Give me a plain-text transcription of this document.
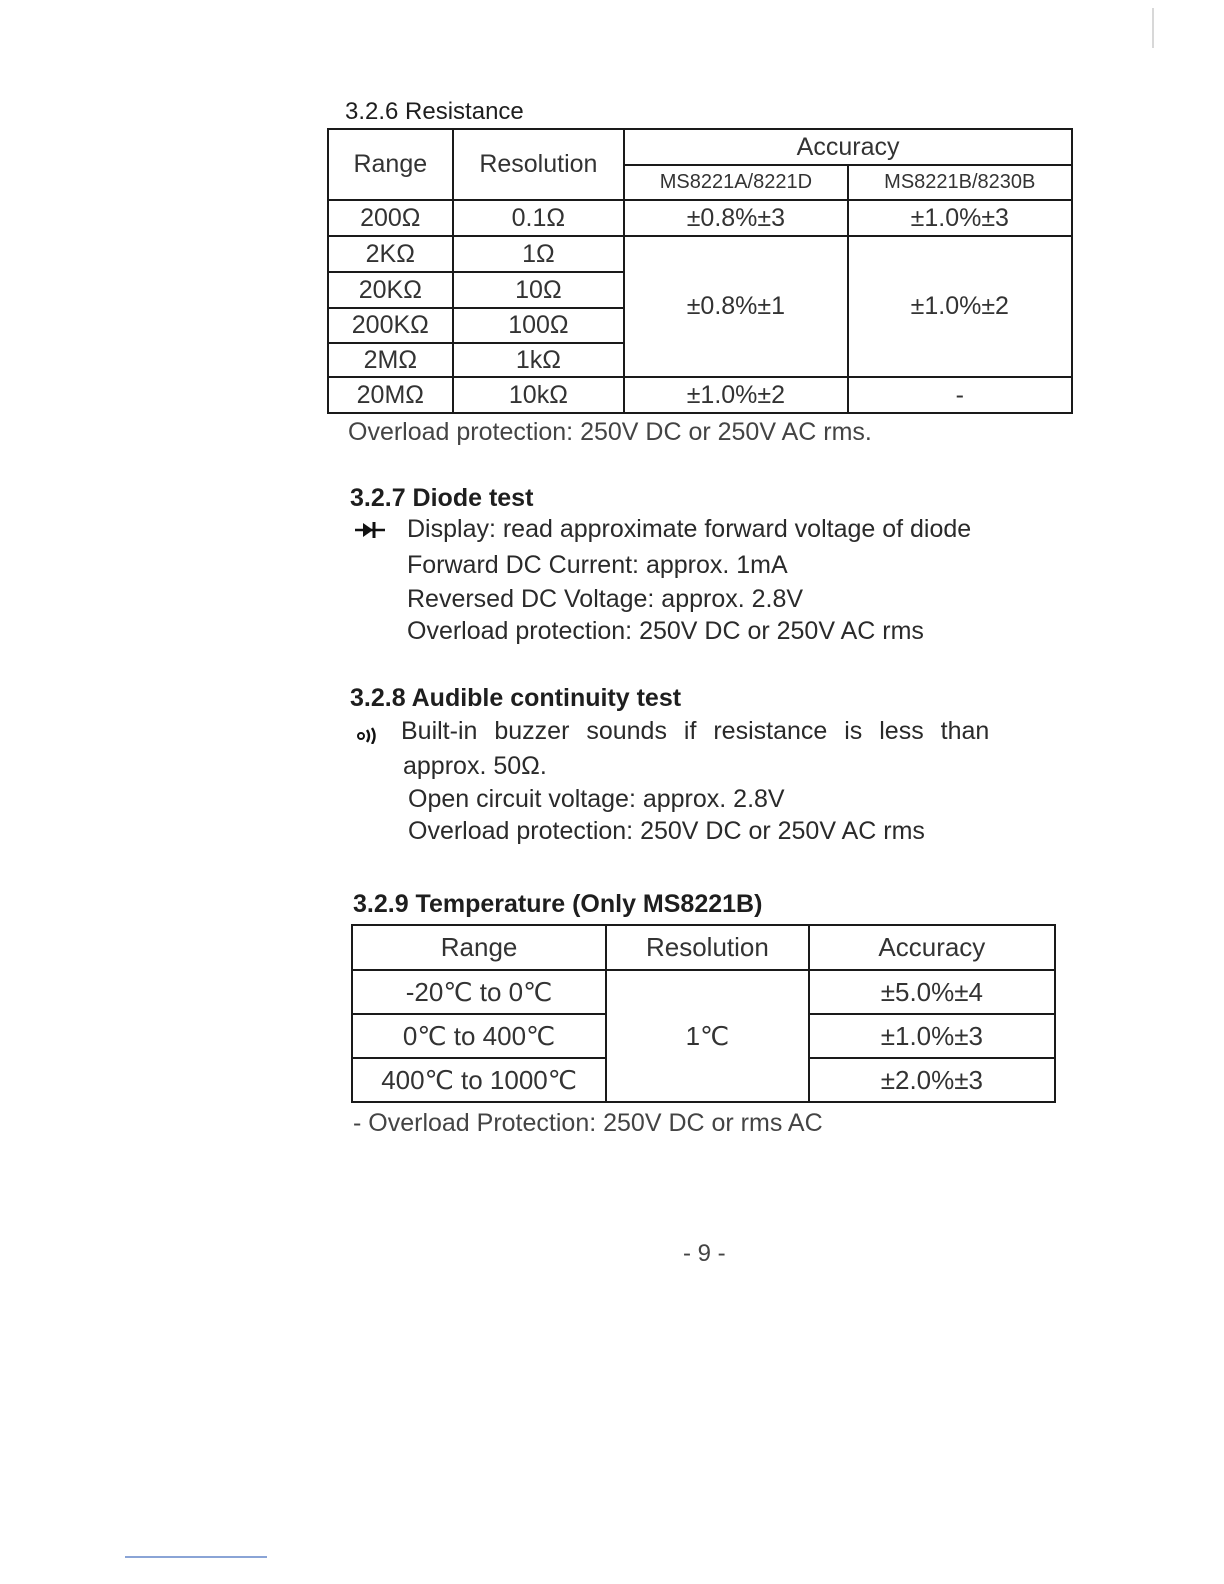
3.2.6 Resistance
Range	Resolution	Accuracy	
		MS8221A/8221D	MS8221B/8230B
200Ω	0.1Ω	±0.8%±3	±1.0%±3
2KΩ	1Ω	±0.8%±1	±1.0%±2
20KΩ	10Ω		
200KΩ	100Ω		
2MΩ	1kΩ		
20MΩ	10kΩ	±1.0%±2	-
Overload protection: 250V DC or 250V AC rms.
3.2.7 Diode test
Display: read approximate forward voltage of diode
Forward DC Current: approx. 1mA
Reversed DC Voltage: approx. 2.8V
Overload protection: 250V DC or 250V AC rms
3.2.8 Audible continuity test
Built-in buzzer sounds if resistance is less than
approx. 50Ω.
Open circuit voltage: approx. 2.8V
Overload protection: 250V DC or 250V AC rms
3.2.9 Temperature (Only MS8221B)
Range	Resolution	Accuracy
-20℃ to 0℃	1℃	±5.0%±4
0℃ to 400℃		±1.0%±3
400℃ to 1000℃		±2.0%±3
- Overload Protection: 250V DC or rms AC
- 9 -
